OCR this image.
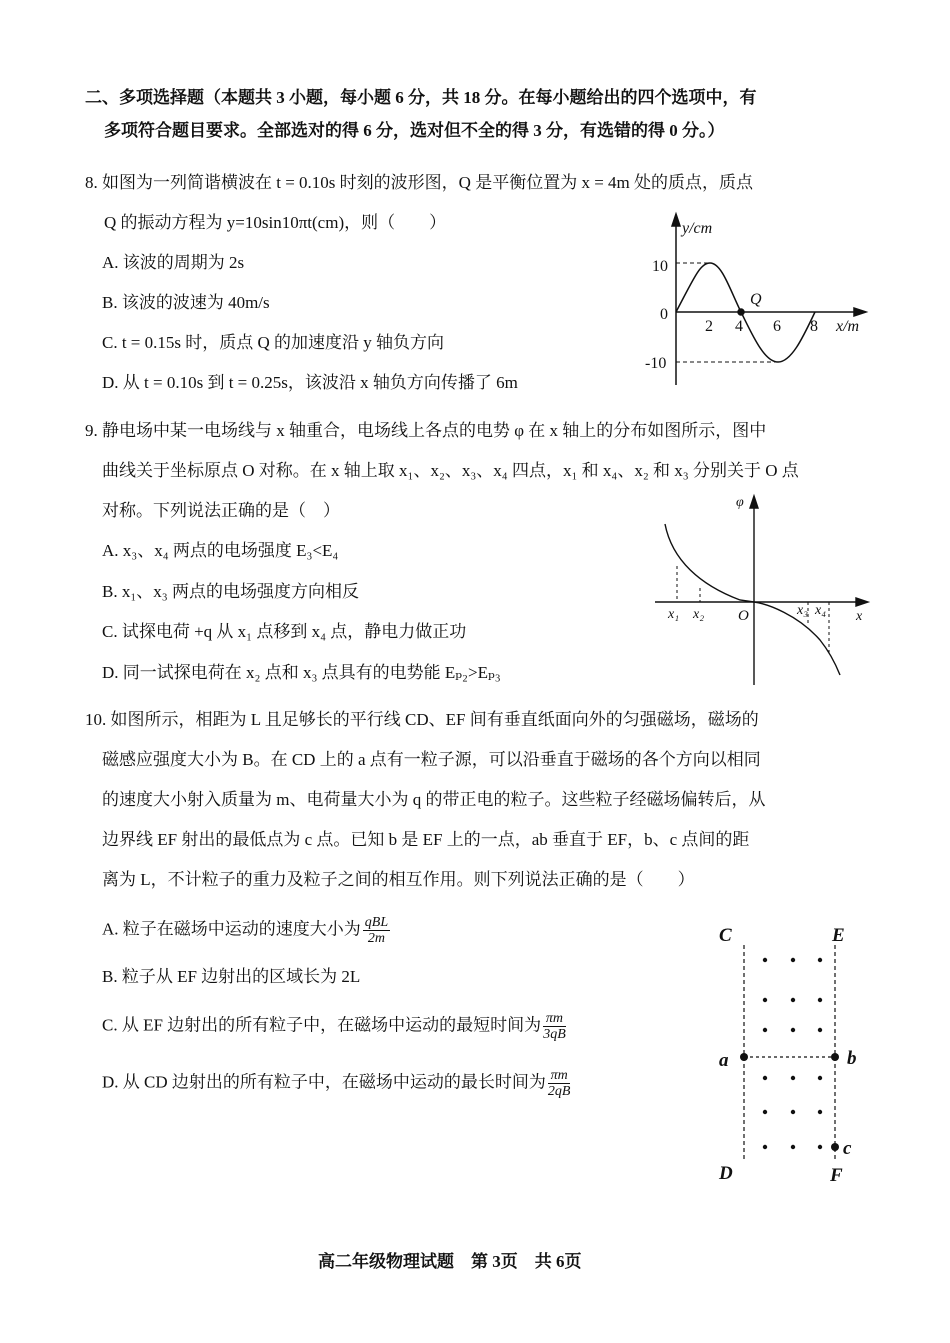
二、多项选择题（本题共 3 小题，每小题 6 分，共 18 分。在每小题给出的四个选项中，有
多项符合题目要求。全部选对的得 6 分，选对但不全的得 3 分，有选错的得 0 分。）
8. 如图为一列简谐横波在 t = 0.10s 时刻的波形图，Q 是平衡位置为 x = 4m 处的质点，质点
Q 的振动方程为 y=10sin10πt(cm)，则（　　）
A. 该波的周期为 2s
B. 该波的波速为 40m/s
C. t = 0.15s 时，质点 Q 的加速度沿 y 轴负方向
D. 从 t = 0.10s 到 t = 0.25s，该波沿 x 轴负方向传播了 6m
9. 静电场中某一电场线与 x 轴重合，电场线上各点的电势 φ 在 x 轴上的分布如图所示，图中
曲线关于坐标原点 O 对称。在 x 轴上取 x₁、x₂、x₃、x₄ 四点，x₁ 和 x₄、x₂ 和 x₃ 分别关于 O 点
对称。下列说法正确的是（　）
A. x₃、x₄ 两点的电场强度 E₃<E₄
B. x₁、x₃ 两点的电场强度方向相反
C. 试探电荷 +q 从 x₁ 点移到 x₄ 点，静电力做正功
D. 同一试探电荷在 x₂ 点和 x₃ 点具有的电势能 Eₚ₂>Eₚ₃
10. 如图所示，相距为 L 且足够长的平行线 CD、EF 间有垂直纸面向外的匀强磁场，磁场的
磁感应强度大小为 B。在 CD 上的 a 点有一粒子源，可以沿垂直于磁场的各个方向以相同
的速度大小射入质量为 m、电荷量大小为 q 的带正电的粒子。这些粒子经磁场偏转后，从
边界线 EF 射出的最低点为 c 点。已知 b 是 EF 上的一点，ab 垂直于 EF，b、c 点间的距
离为 L，不计粒子的重力及粒子之间的相互作用。则下列说法正确的是（　　）
A. 粒子在磁场中运动的速度大小为 $\frac{\text{qBL}}{2m}$
B. 粒子从 EF 边射出的区域长为 2L
C. 从 EF 边射出的所有粒子中，在磁场中运动的最短时间为 $\frac{\pi m}{3qB}$
D. 从 CD 边射出的所有粒子中，在磁场中运动的最长时间为 $\frac{\pi m}{2qB}$
高二年级物理试题　第 3页　共 6页
y/cm
10
0
-10
2 4 6 8 x/m
Q
φ
x₁ x₂ O	x₃ x₄ x
C	E
a	b
c
D	F
